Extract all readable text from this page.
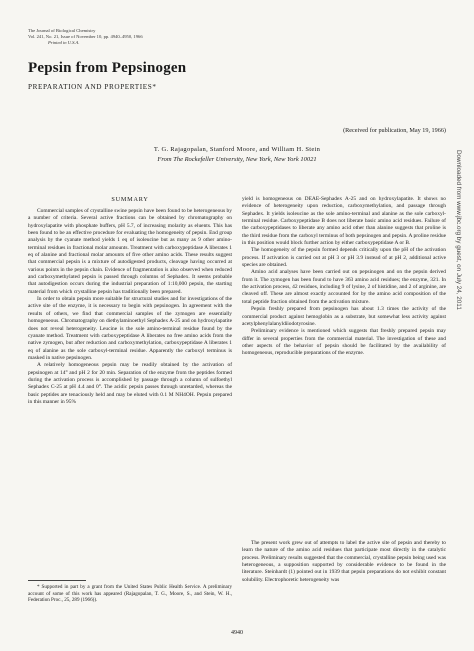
The Journal of Biological Chemistry
Vol. 241, No. 21, Issue of November 10, pp. 4940–4950, 1966
Printed in U.S.A.
Pepsin from Pepsinogen
PREPARATION AND PROPERTIES*
(Received for publication, May 19, 1966)
T. G. Rajagopalan, Stanford Moore, and William H. Stein
From The Rockefeller University, New York, New York 10021
SUMMARY

Commercial samples of crystalline swine pepsin have been found to be heterogeneous by a number of criteria. Several active fractions can be obtained by chromatography on hydroxylapatite with phosphate buffers, pH 5.7, of increasing molarity as eluents. This has been found to be an effective procedure for evaluating the homogeneity of pepsin. End group analysis by the cyanate method yields 1 eq of isoleucine but as many as 9 other amino-terminal residues in fractional molar amounts. Treatment with carboxypeptidase A liberates 1 eq of alanine and fractional molar amounts of five other amino acids. These results suggest that commercial pepsin is a mixture of autodigested products, cleavage having occurred at various points in the pepsin chain. Evidence of fragmentation is also observed when reduced and carboxymethylated pepsin is passed through columns of Sephadex. It seems probable that autodigestion occurs during the industrial preparation of 1:10,000 pepsin, the starting material from which crystalline pepsin has traditionally been prepared.

In order to obtain pepsin more suitable for structural studies and for investigations of the active site of the enzyme, it is necessary to begin with pepsinogen. In agreement with the results of others, we find that commercial samples of the zymogen are essentially homogeneous. Chromatography on diethylaminoethyl Sephadex A-25 and on hydroxylapatite does not reveal heterogeneity. Leucine is the sole amino-terminal residue found by the cyanate method. Treatment with carboxypeptidase A liberates no free amino acids from the native zymogen, but after reduction and carboxymethylation, carboxypeptidase A liberates 1 eq of alanine as the sole carboxyl-terminal residue. Apparently the carboxyl terminus is masked in native pepsinogen.

A relatively homogeneous pepsin may be readily obtained by the activation of pepsinogen at 14° and pH 2 for 20 min. Separation of the enzyme from the peptides formed during the activation process is accomplished by passage through a column of sulfoethyl Sephadex C-25 at pH 4.4 and 0°. The acidic pepsin passes through unretarded, whereas the basic peptides are tenaciously held and may be eluted with 0.1 M NH4OH. Pepsin prepared in this manner in 95%

* Supported in part by a grant from the United States Public Health Service. A preliminary account of some of this work has appeared (Rajagopalan, T. G., Moore, S., and Stein, W. H., Federation Proc., 25, 289 (1966)).

yield is homogeneous on DEAE-Sephadex A-25 and on hydroxylapatite. It shows no evidence of heterogeneity upon reduction, carboxymethylation, and passage through Sephadex. It yields isoleucine as the sole amino-terminal and alanine as the sole carboxyl-terminal residue. Carboxypeptidase B does not liberate basic amino acid residues. Failure of the carboxypeptidases to liberate any amino acid other than alanine suggests that proline is the third residue from the carboxyl terminus of both pepsinogen and pepsin. A proline residue in this position would block further action by either carboxypeptidase A or B.

The homogeneity of the pepsin formed depends critically upon the pH of the activation process. If activation is carried out at pH 3 or pH 3.9 instead of at pH 2, additional active species are obtained.

Amino acid analyses have been carried out on pepsinogen and on the pepsin derived from it. The zymogen has been found to have 363 amino acid residues; the enzyme, 321. In the activation process, 42 residues, including 9 of lysine, 2 of histidine, and 2 of arginine, are cleaved off. These are almost exactly accounted for by the amino acid composition of the total peptide fraction obtained from the activation mixture.

Pepsin freshly prepared from pepsinogen has about 1.3 times the activity of the commercial product against hemoglobin as a substrate, but somewhat less activity against acetylphenylalanyldiiodotyrosine.

Preliminary evidence is mentioned which suggests that freshly prepared pepsin may differ in several properties from the commercial material. The investigation of these and other aspects of the behavior of pepsin should be facilitated by the availability of homogeneous, reproducible preparations of the enzyme.

The present work grew out of attempts to label the active site of pepsin and thereby to learn the nature of the amino acid residues that participate most directly in the catalytic process. Preliminary results suggested that the commercial, crystalline pepsin being used was heterogeneous, a supposition supported by considerable evidence to be found in the literature. Steinhardt (1) pointed out in 1939 that pepsin preparations do not exhibit constant solubility. Electrophoretic heterogeneity was

4940
Downloaded from www.jbc.org by guest, on July 24, 2011
